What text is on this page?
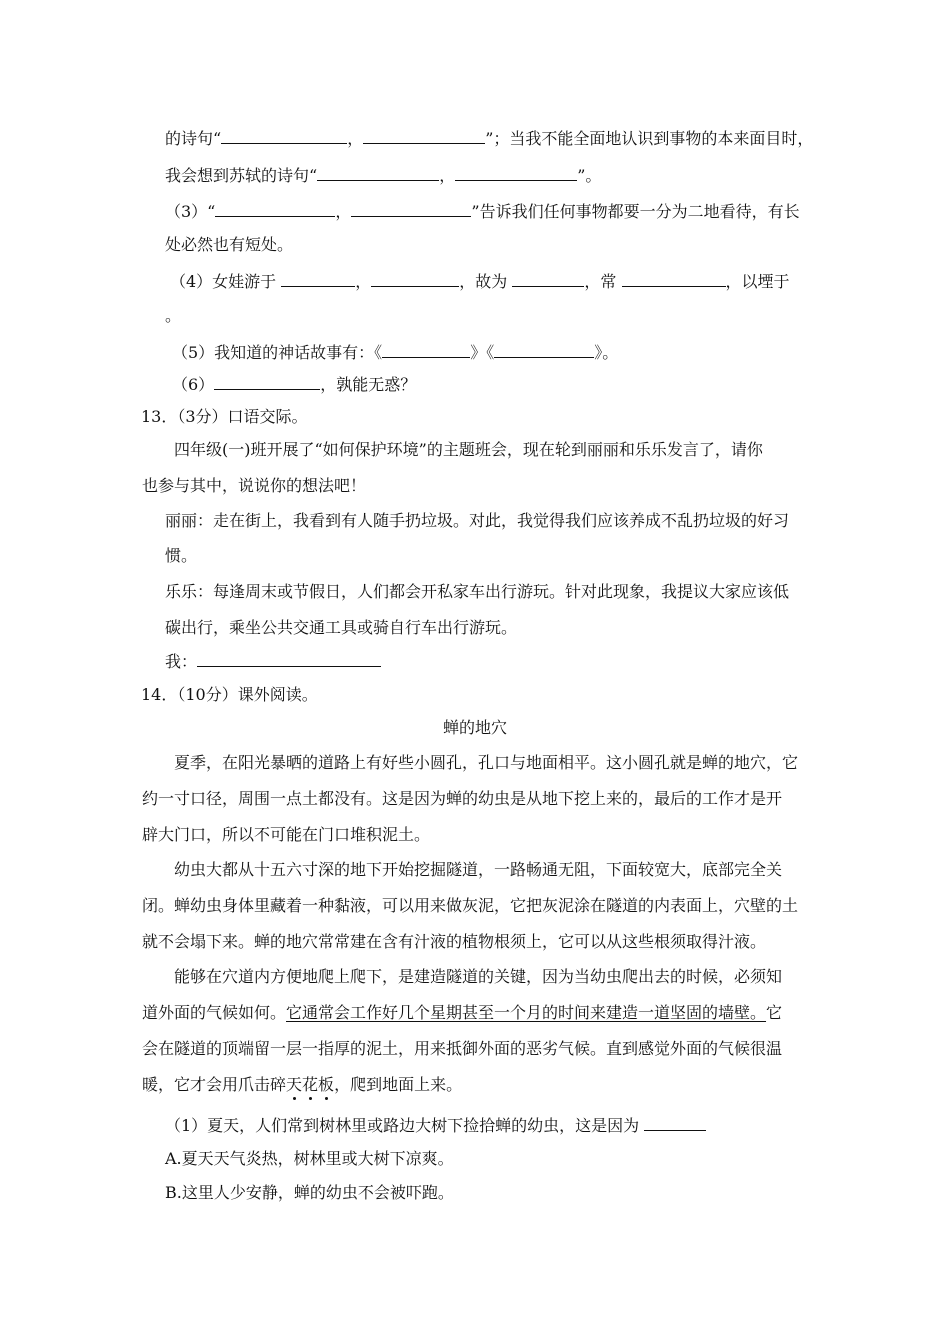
的诗句“	，	”；当我不能全面地认识到事物的本来面目时，
我会想到苏轼的诗句“	，	”。
（3）“	，	”告诉我们任何事物都要一分为二地看待，有长
处必然也有短处。
（4）女娃游于	，	，故为	，常	，以堙于
。
（5）我知道的神话故事有：《	》《	》。
（6）	，孰能无惑？
13．（3分）口语交际。
四年级(一)班开展了“如何保护环境”的主题班会，现在轮到丽丽和乐乐发言了，请你
也参与其中，说说你的想法吧！
丽丽：走在街上，我看到有人随手扔垃圾。对此，我觉得我们应该养成不乱扔垃圾的好习
惯。
乐乐：每逢周末或节假日，人们都会开私家车出行游玩。针对此现象，我提议大家应该低
碳出行，乘坐公共交通工具或骑自行车出行游玩。
我：
14．（10分）课外阅读。
蝉的地穴
夏季，在阳光暴晒的道路上有好些小圆孔，孔口与地面相平。这小圆孔就是蝉的地穴，它
约一寸口径，周围一点土都没有。这是因为蝉的幼虫是从地下挖上来的，最后的工作才是开
辟大门口，所以不可能在门口堆积泥土。
幼虫大都从十五六寸深的地下开始挖掘隧道，一路畅通无阻，下面较宽大，底部完全关
闭。蝉幼虫身体里藏着一种黏液，可以用来做灰泥，它把灰泥涂在隧道的内表面上，穴壁的土
就不会塌下来。蝉的地穴常常建在含有汁液的植物根须上，它可以从这些根须取得汁液。
能够在穴道内方便地爬上爬下，是建造隧道的关键，因为当幼虫爬出去的时候，必须知
道外面的气候如何。它通常会工作好几个星期甚至一个月的时间来建造一道坚固的墙壁。它
会在隧道的顶端留一层一指厚的泥土，用来抵御外面的恶劣气候。直到感觉外面的气候很温
暖，它才会用爪击碎天花板，爬到地面上来。
（1）夏天，人们常到树林里或路边大树下捡拾蝉的幼虫，这是因为
A.夏天天气炎热，树林里或大树下凉爽。
B.这里人少安静，蝉的幼虫不会被吓跑。
